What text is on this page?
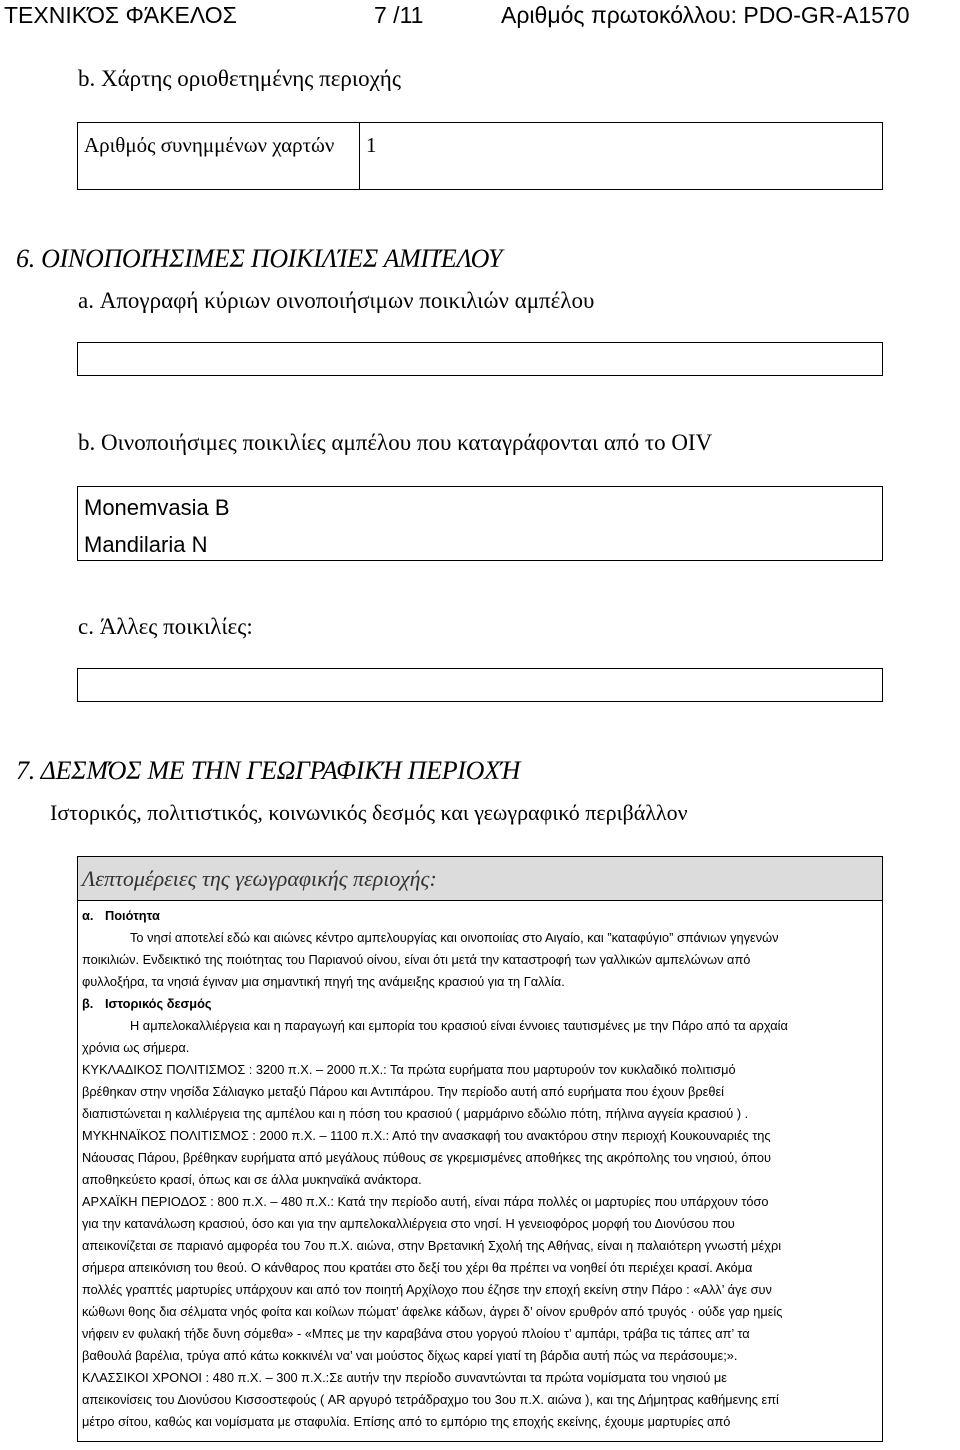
ΤΕΧΝΙΚΌΣ ΦΆΚΕΛΟΣ	7 /11	Αριθμός πρωτοκόλλου: PDO-GR-A1570
b. Χάρτης οριοθετημένης περιοχής
Αριθμός συνημμένων χαρτών	1
6. ΟΙΝΟΠΟΙΉΣΙΜΕΣ ΠΟΙΚΙΛΊΕΣ ΑΜΠΈΛΟΥ
a. Απογραφή κύριων οινοποιήσιμων ποικιλιών αμπέλου
b. Οινοποιήσιμες ποικιλίες αμπέλου που καταγράφονται από το OIV
Monemvasia B
Mandilaria N
c. Άλλες ποικιλίες:
7. ΔΕΣΜΌΣ ΜΕ ΤΗΝ ΓΕΩΓΡΑΦΙΚΉ ΠΕΡΙΟΧΉ
Ιστορικός, πολιτιστικός, κοινωνικός δεσμός και γεωγραφικό περιβάλλον
Λεπτομέρειες της γεωγραφικής περιοχής:
α. Ποιότητα
Το νησί αποτελεί εδώ και αιώνες κέντρο αμπελουργίας και οινοποιίας στο Αιγαίο, και ”καταφύγιο” σπάνιων γηγενών
ποικιλιών. Ενδεικτικό της ποιότητας του Παριανού οίνου, είναι ότι μετά την καταστροφή των γαλλικών αμπελώνων από
φυλλοξήρα, τα νησιά έγιναν μια σημαντική πηγή της ανάμειξης κρασιού για τη Γαλλία.
β. Ιστορικός δεσμός
Η αμπελοκαλλιέργεια και η παραγωγή και εμπορία του κρασιού είναι έννοιες ταυτισμένες με την Πάρο από τα αρχαία
χρόνια ως σήμερα.
ΚΥΚΛΑΔΙΚΟΣ ΠΟΛΙΤΙΣΜΟΣ : 3200 π.Χ. – 2000 π.Χ.: Τα πρώτα ευρήματα που μαρτυρούν τον κυκλαδικό πολιτισμό
βρέθηκαν στην νησίδα Σάλιαγκο μεταξύ Πάρου και Αντιπάρου. Την περίοδο αυτή από ευρήματα που έχουν βρεθεί
διαπιστώνεται η καλλιέργεια της αμπέλου και η πόση του κρασιού ( μαρμάρινο εδώλιο πότη, πήλινα αγγεία κρασιού ) .
ΜΥΚΗΝΑΪΚΟΣ ΠΟΛΙΤΙΣΜΟΣ : 2000 π.Χ. – 1100 π.Χ.: Από την ανασκαφή του ανακτόρου στην περιοχή Κουκουναριές της
Νάουσας Πάρου, βρέθηκαν ευρήματα από μεγάλους πύθους σε γκρεμισμένες αποθήκες της ακρόπολης του νησιού, όπου
αποθηκεύετο κρασί, όπως και σε άλλα μυκηναϊκά ανάκτορα.
ΑΡΧΑΪΚΗ ΠΕΡΙΟΔΟΣ : 800 π.Χ. – 480 π.Χ.: Κατά την περίοδο αυτή, είναι πάρα πολλές οι μαρτυρίες που υπάρχουν τόσο
για την κατανάλωση κρασιού, όσο και για την αμπελοκαλλιέργεια στο νησί. Η γενειοφόρος μορφή του Διονύσου που
απεικονίζεται σε παριανό αμφορέα του 7ου π.Χ. αιώνα, στην Βρετανική Σχολή της Αθήνας, είναι η παλαιότερη γνωστή μέχρι
σήμερα απεικόνιση του θεού. Ο κάνθαρος που κρατάει στο δεξί του χέρι θα πρέπει να νοηθεί ότι περιέχει κρασί. Ακόμα
πολλές γραπτές μαρτυρίες υπάρχουν και από τον ποιητή Αρχίλοχο που έζησε την εποχή εκείνη στην Πάρο : «Αλλ’ άγε συν
κώθωνι θοης δια σέλματα νηός φοίτα και κοίλων πώματ’ άφελκε κάδων, άγρει δ’ οίνον ερυθρόν από τρυγός · ούδε γαρ ημείς
νήφειν εν φυλακή τήδε δυνη σόμεθα» - «Μπες με την καραβάνα στου γοργού πλοίου τ’ αμπάρι, τράβα τις τάπες απ’ τα
βαθουλά βαρέλια, τρύγα από κάτω κοκκινέλι να’ ναι μούστος δίχως καρεί γιατί τη βάρδια αυτή πώς να περάσουμε;».
ΚΛΑΣΣΙΚΟΙ ΧΡΟΝΟΙ : 480 π.Χ. – 300 π.Χ.:Σε αυτήν την περίοδο συναντώνται τα πρώτα νομίσματα του νησιού με
απεικονίσεις του Διονύσου Κισσοστεφούς ( AR αργυρό τετράδραχμο του 3ου π.Χ. αιώνα ), και της Δήμητρας καθήμενης επί
μέτρο σίτου, καθώς και νομίσματα με σταφυλία. Επίσης από το εμπόριο της εποχής εκείνης, έχουμε μαρτυρίες από
